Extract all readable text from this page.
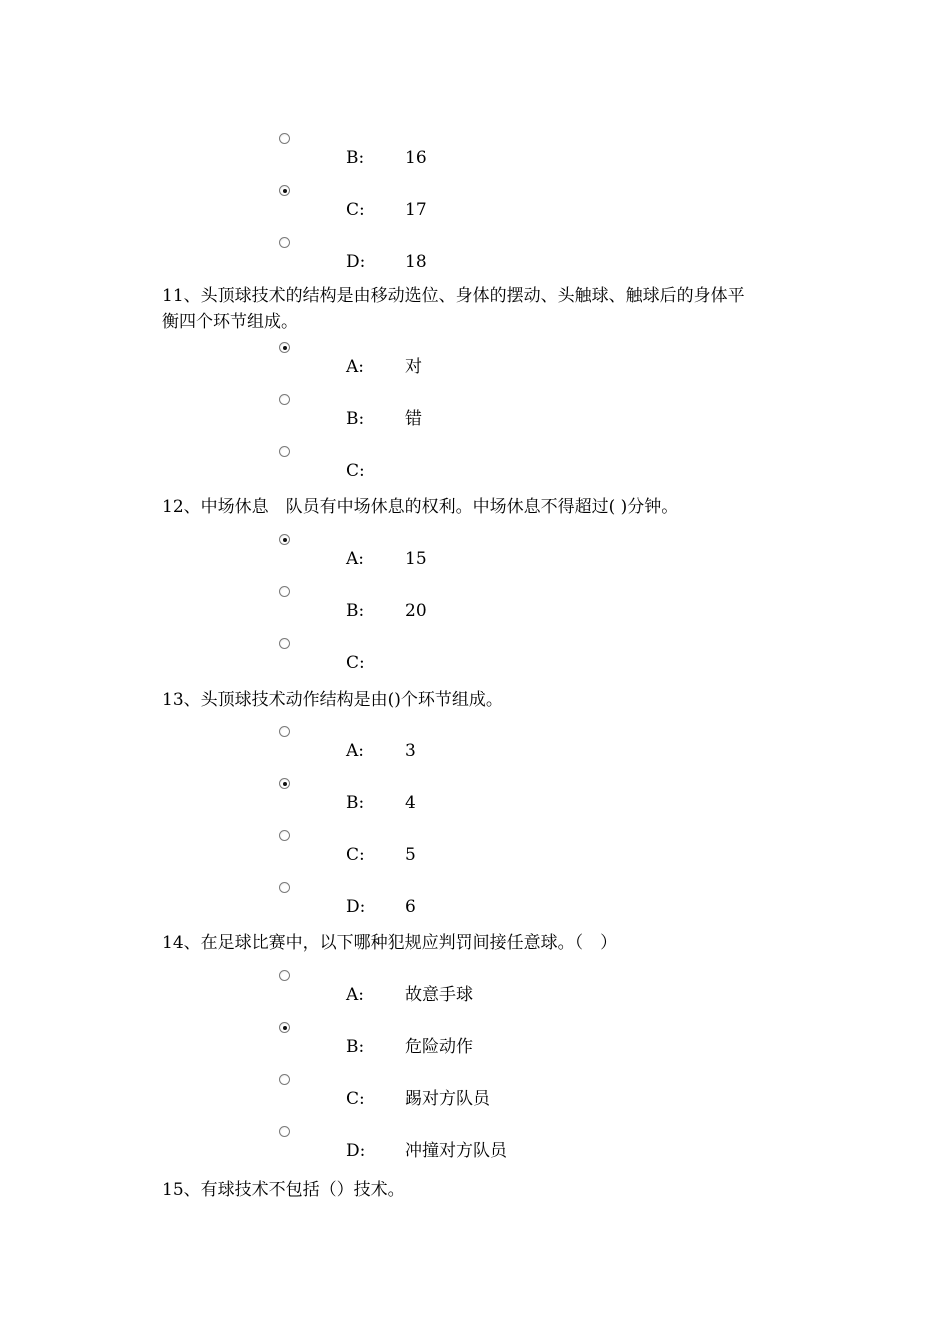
B: 16
C: 17
D: 18
11、头顶球技术的结构是由移动选位、身体的摆动、头触球、触球后的身体平
衡四个环节组成。
A: 对
B: 错
C:
12、中场休息　队员有中场休息的权利。中场休息不得超过( )分钟。
A: 15
B: 20
C:
13、头顶球技术动作结构是由()个环节组成。
A: 3
B: 4
C: 5
D: 6
14、在足球比赛中，以下哪种犯规应判罚间接任意球。（　）
A: 故意手球
B: 危险动作
C: 踢对方队员
D: 冲撞对方队员
15、有球技术不包括（）技术。
